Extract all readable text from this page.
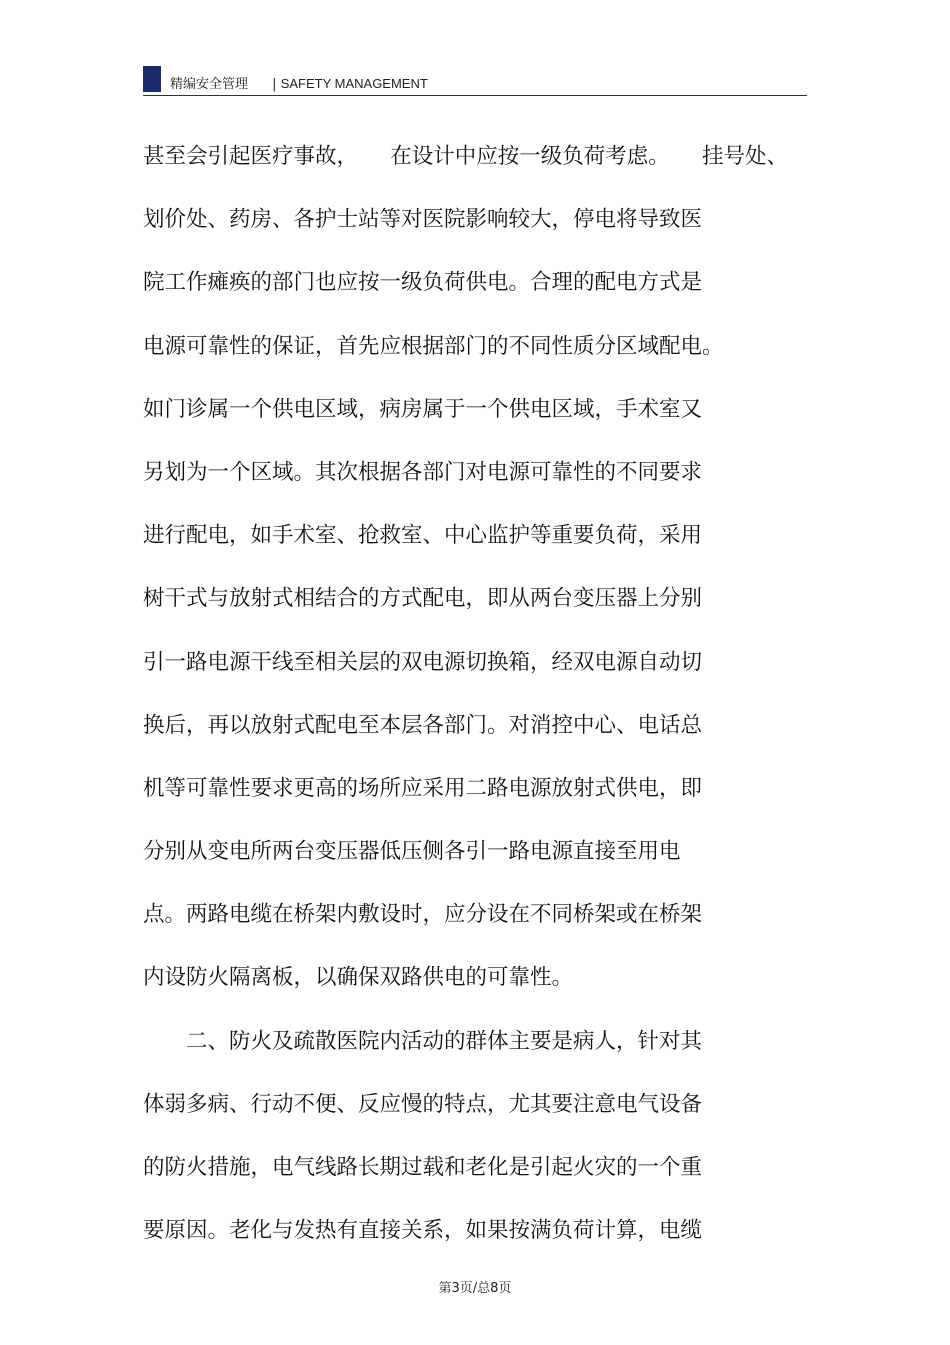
精编安全管理 | SAFETY MANAGEMENT
甚至会引起医疗事故，　　在设计中应按一级负荷考虑。　　挂号处、
划价处、药房、各护士站等对医院影响较大，停电将导致医
院工作瘫痪的部门也应按一级负荷供电。合理的配电方式是
电源可靠性的保证，首先应根据部门的不同性质分区域配电。
如门诊属一个供电区域，病房属于一个供电区域，手术室又
另划为一个区域。其次根据各部门对电源可靠性的不同要求
进行配电，如手术室、抢救室、中心监护等重要负荷，采用
树干式与放射式相结合的方式配电，即从两台变压器上分别
引一路电源干线至相关层的双电源切换箱，经双电源自动切
换后，再以放射式配电至本层各部门。对消控中心、电话总
机等可靠性要求更高的场所应采用二路电源放射式供电，即
分别从变电所两台变压器低压侧各引一路电源直接至用电
点。两路电缆在桥架内敷设时，应分设在不同桥架或在桥架
内设防火隔离板，以确保双路供电的可靠性。
　　二、防火及疏散医院内活动的群体主要是病人，针对其
体弱多病、行动不便、反应慢的特点，尤其要注意电气设备
的防火措施，电气线路长期过载和老化是引起火灾的一个重
要原因。老化与发热有直接关系，如果按满负荷计算，电缆
第3页/总8页
